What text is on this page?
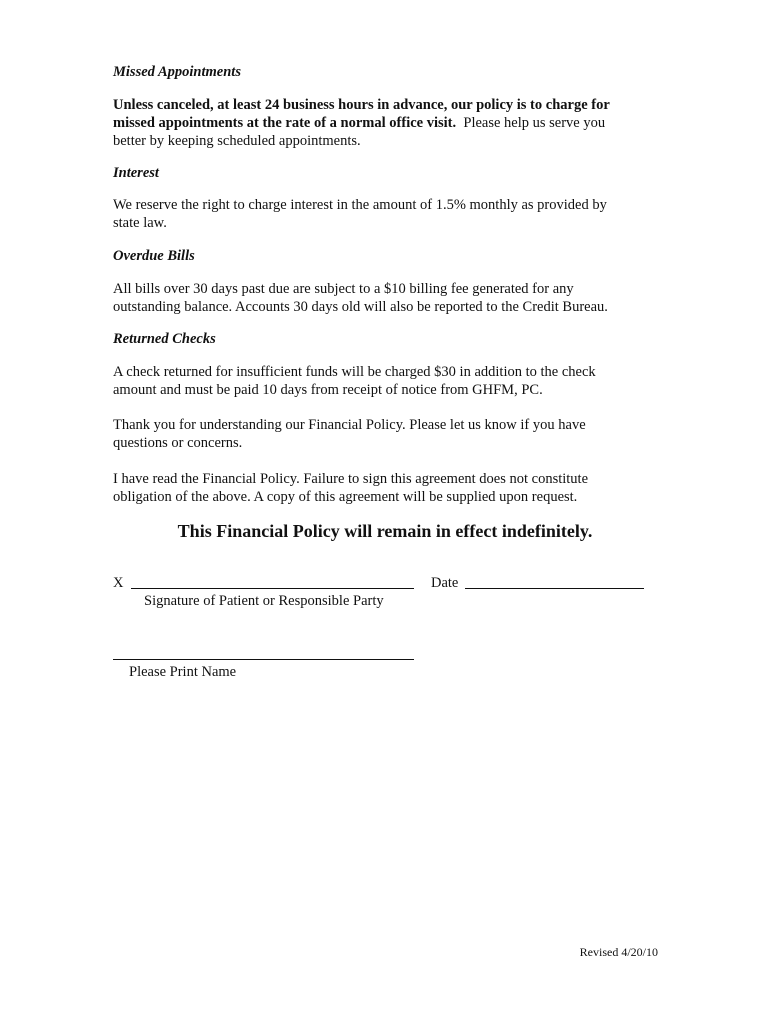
Missed Appointments
Unless canceled, at least 24 business hours in advance, our policy is to charge for
missed appointments at the rate of a normal office visit.  Please help us serve you
better by keeping scheduled appointments.
Interest
We reserve the right to charge interest in the amount of 1.5% monthly as provided by
state law.
Overdue Bills
All bills over 30 days past due are subject to a $10 billing fee generated for any
outstanding balance. Accounts 30 days old will also be reported to the Credit Bureau.
Returned Checks
A check returned for insufficient funds will be charged $30 in addition to the check
amount and must be paid 10 days from receipt of notice from GHFM, PC.
Thank you for understanding our Financial Policy. Please let us know if you have
questions or concerns.
I have read the Financial Policy. Failure to sign this agreement does not constitute
obligation of the above. A copy of this agreement will be supplied upon request.
This Financial Policy will remain in effect indefinitely.
X	Date
Signature of Patient or Responsible Party
Please Print Name
Revised 4/20/10
